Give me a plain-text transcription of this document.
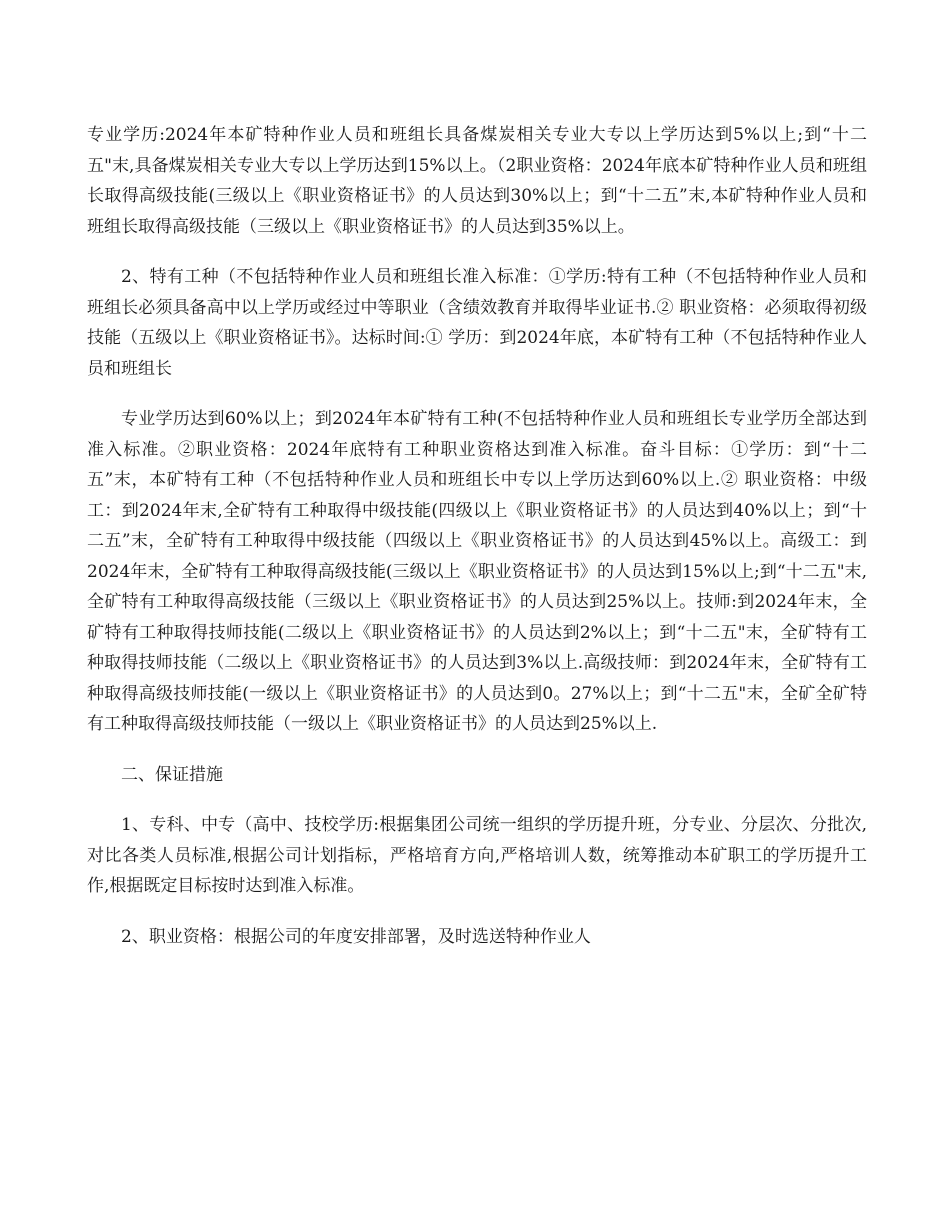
专业学历:2024年本矿特种作业人员和班组长具备煤炭相关专业大专以上学历达到5%以上;到“十二五"末,具备煤炭相关专业大专以上学历达到15%以上。（2职业资格：2024年底本矿特种作业人员和班组长取得高级技能(三级以上《职业资格证书》的人员达到30%以上；到“十二五”末,本矿特种作业人员和班组长取得高级技能（三级以上《职业资格证书》的人员达到35%以上。

2、特有工种（不包括特种作业人员和班组长准入标准：①学历:特有工种（不包括特种作业人员和班组长必须具备高中以上学历或经过中等职业（含绩效教育并取得毕业证书.② 职业资格：必须取得初级技能（五级以上《职业资格证书》。达标时间:① 学历：到2024年底，本矿特有工种（不包括特种作业人员和班组长

专业学历达到60%以上；到2024年本矿特有工种(不包括特种作业人员和班组长专业学历全部达到准入标准。②职业资格：2024年底特有工种职业资格达到准入标准。奋斗目标：①学历：到“十二五”末，本矿特有工种（不包括特种作业人员和班组长中专以上学历达到60%以上.② 职业资格：中级工：到2024年末,全矿特有工种取得中级技能(四级以上《职业资格证书》的人员达到40%以上；到“十二五”末，全矿特有工种取得中级技能（四级以上《职业资格证书》的人员达到45%以上。高级工：到2024年末，全矿特有工种取得高级技能(三级以上《职业资格证书》的人员达到15%以上;到“十二五"末,全矿特有工种取得高级技能（三级以上《职业资格证书》的人员达到25%以上。技师:到2024年末，全矿特有工种取得技师技能(二级以上《职业资格证书》的人员达到2%以上；到“十二五"末，全矿特有工种取得技师技能（二级以上《职业资格证书》的人员达到3%以上.高级技师：到2024年末，全矿特有工种取得高级技师技能(一级以上《职业资格证书》的人员达到0。27%以上；到“十二五"末，全矿全矿特有工种取得高级技师技能（一级以上《职业资格证书》的人员达到25%以上.

二、保证措施

1、专科、中专（高中、技校学历:根据集团公司统一组织的学历提升班，分专业、分层次、分批次,对比各类人员标准,根据公司计划指标，严格培育方向,严格培训人数，统筹推动本矿职工的学历提升工作,根据既定目标按时达到准入标准。

2、职业资格：根据公司的年度安排部署，及时选送特种作业人
